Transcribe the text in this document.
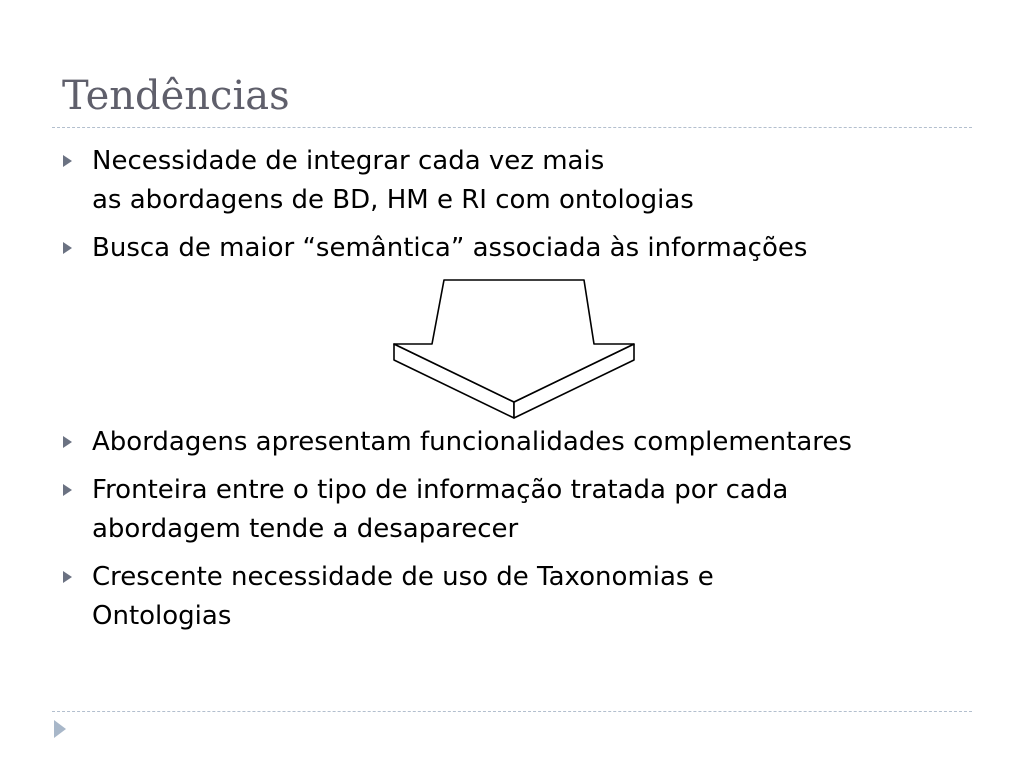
Tendências
Necessidade de integrar cada vez mais
as abordagens de BD, HM e RI com ontologias
Busca de maior “semântica” associada às informações
Abordagens apresentam funcionalidades complementares
Fronteira entre o tipo de informação tratada por cada
abordagem tende a desaparecer
Crescente necessidade de uso de Taxonomias e
Ontologias
